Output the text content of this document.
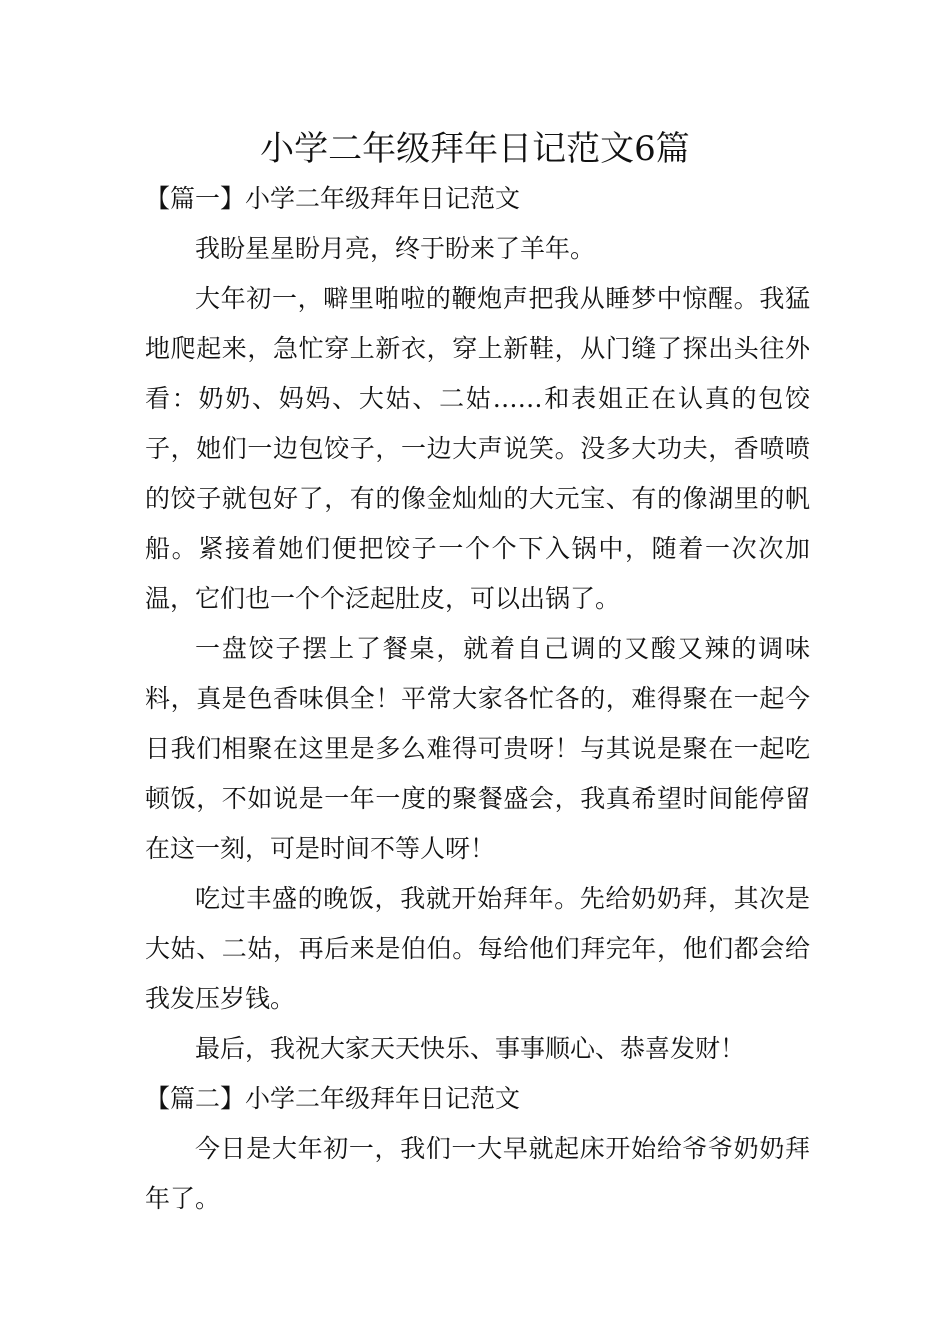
小学二年级拜年日记范文6篇
【篇一】小学二年级拜年日记范文

我盼星星盼月亮，终于盼来了羊年。

大年初一，噼里啪啦的鞭炮声把我从睡梦中惊醒。我猛地爬起来，急忙穿上新衣，穿上新鞋，从门缝了探出头往外看：奶奶、妈妈、大姑、二姑……和表姐正在认真的包饺子，她们一边包饺子，一边大声说笑。没多大功夫，香喷喷的饺子就包好了，有的像金灿灿的大元宝、有的像湖里的帆船。紧接着她们便把饺子一个个下入锅中，随着一次次加温，它们也一个个泛起肚皮，可以出锅了。

一盘饺子摆上了餐桌，就着自己调的又酸又辣的调味料，真是色香味俱全！平常大家各忙各的，难得聚在一起今日我们相聚在这里是多么难得可贵呀！与其说是聚在一起吃顿饭，不如说是一年一度的聚餐盛会，我真希望时间能停留在这一刻，可是时间不等人呀！

吃过丰盛的晚饭，我就开始拜年。先给奶奶拜，其次是大姑、二姑，再后来是伯伯。每给他们拜完年，他们都会给我发压岁钱。

最后，我祝大家天天快乐、事事顺心、恭喜发财！

【篇二】小学二年级拜年日记范文

今日是大年初一，我们一大早就起床开始给爷爷奶奶拜年了。
